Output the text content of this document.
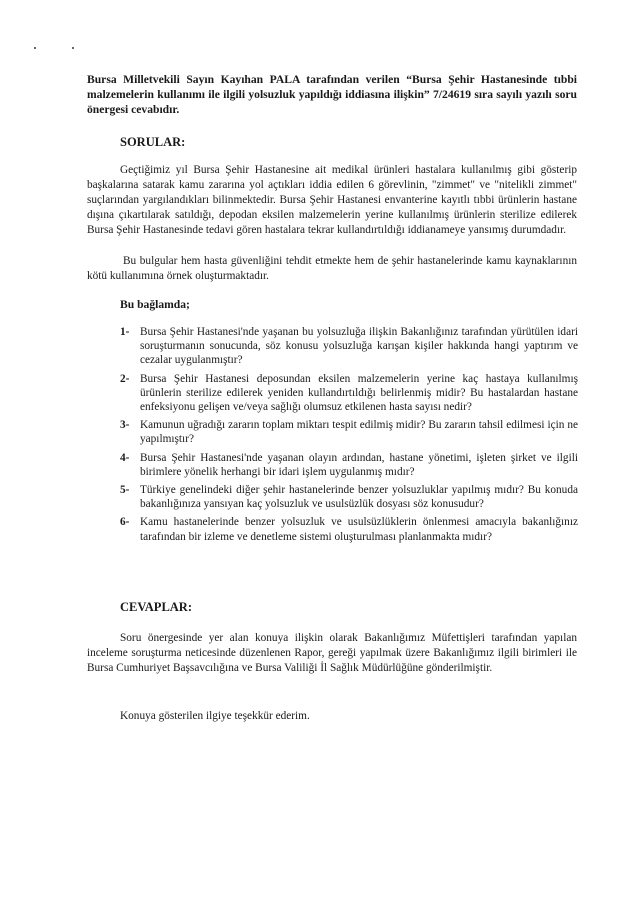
Bursa Milletvekili Sayın Kayıhan PALA tarafından verilen “Bursa Şehir Hastanesinde tıbbi malzemelerin kullanımı ile ilgili yolsuzluk yapıldığı iddiasına ilişkin” 7/24619 sıra sayılı yazılı soru önergesi cevabıdır.
SORULAR:

Geçtiğimiz yıl Bursa Şehir Hastanesine ait medikal ürünleri hastalara kullanılmış gibi gösterip başkalarına satarak kamu zararına yol açtıkları iddia edilen 6 görevlinin, "zimmet" ve "nitelikli zimmet" suçlarından yargılandıkları bilinmektedir. Bursa Şehir Hastanesi envanterine kayıtlı tıbbi ürünlerin hastane dışına çıkartılarak satıldığı, depodan eksilen malzemelerin yerine kullanılmış ürünlerin sterilize edilerek Bursa Şehir Hastanesinde tedavi gören hastalara tekrar kullandırtıldığı iddianameye yansımış durumdadır.

Bu bulgular hem hasta güvenliğini tehdit etmekte hem de şehir hastanelerinde kamu kaynaklarının kötü kullanımına örnek oluşturmaktadır.

Bu bağlamda;
1- Bursa Şehir Hastanesi'nde yaşanan bu yolsuzluğa ilişkin Bakanlığınız tarafından yürütülen idari soruşturmanın sonucunda, söz konusu yolsuzluğa karışan kişiler hakkında hangi yaptırım ve cezalar uygulanmıştır?
2- Bursa Şehir Hastanesi deposundan eksilen malzemelerin yerine kaç hastaya kullanılmış ürünlerin sterilize edilerek yeniden kullandırtıldığı belirlenmiş midir? Bu hastalardan hastane enfeksiyonu gelişen ve/veya sağlığı olumsuz etkilenen hasta sayısı nedir?
3- Kamunun uğradığı zararın toplam miktarı tespit edilmiş midir? Bu zararın tahsil edilmesi için ne yapılmıştır?
4- Bursa Şehir Hastanesi'nde yaşanan olayın ardından, hastane yönetimi, işleten şirket ve ilgili birimlere yönelik herhangi bir idari işlem uygulanmış mıdır?
5- Türkiye genelindeki diğer şehir hastanelerinde benzer yolsuzluklar yapılmış mıdır? Bu konuda bakanlığınıza yansıyan kaç yolsuzluk ve usulsüzlük dosyası söz konusudur?
6- Kamu hastanelerinde benzer yolsuzluk ve usulsüzlüklerin önlenmesi amacıyla bakanlığınız tarafından bir izleme ve denetleme sistemi oluşturulması planlanmakta mıdır?
CEVAPLAR:

Soru önergesinde yer alan konuya ilişkin olarak Bakanlığımız Müfettişleri tarafından yapılan inceleme soruşturma neticesinde düzenlenen Rapor, gereği yapılmak üzere Bakanlığımız ilgili birimleri ile Bursa Cumhuriyet Başsavcılığına ve Bursa Valiliği İl Sağlık Müdürlüğüne gönderilmiştir.

Konuya gösterilen ilgiye teşekkür ederim.
